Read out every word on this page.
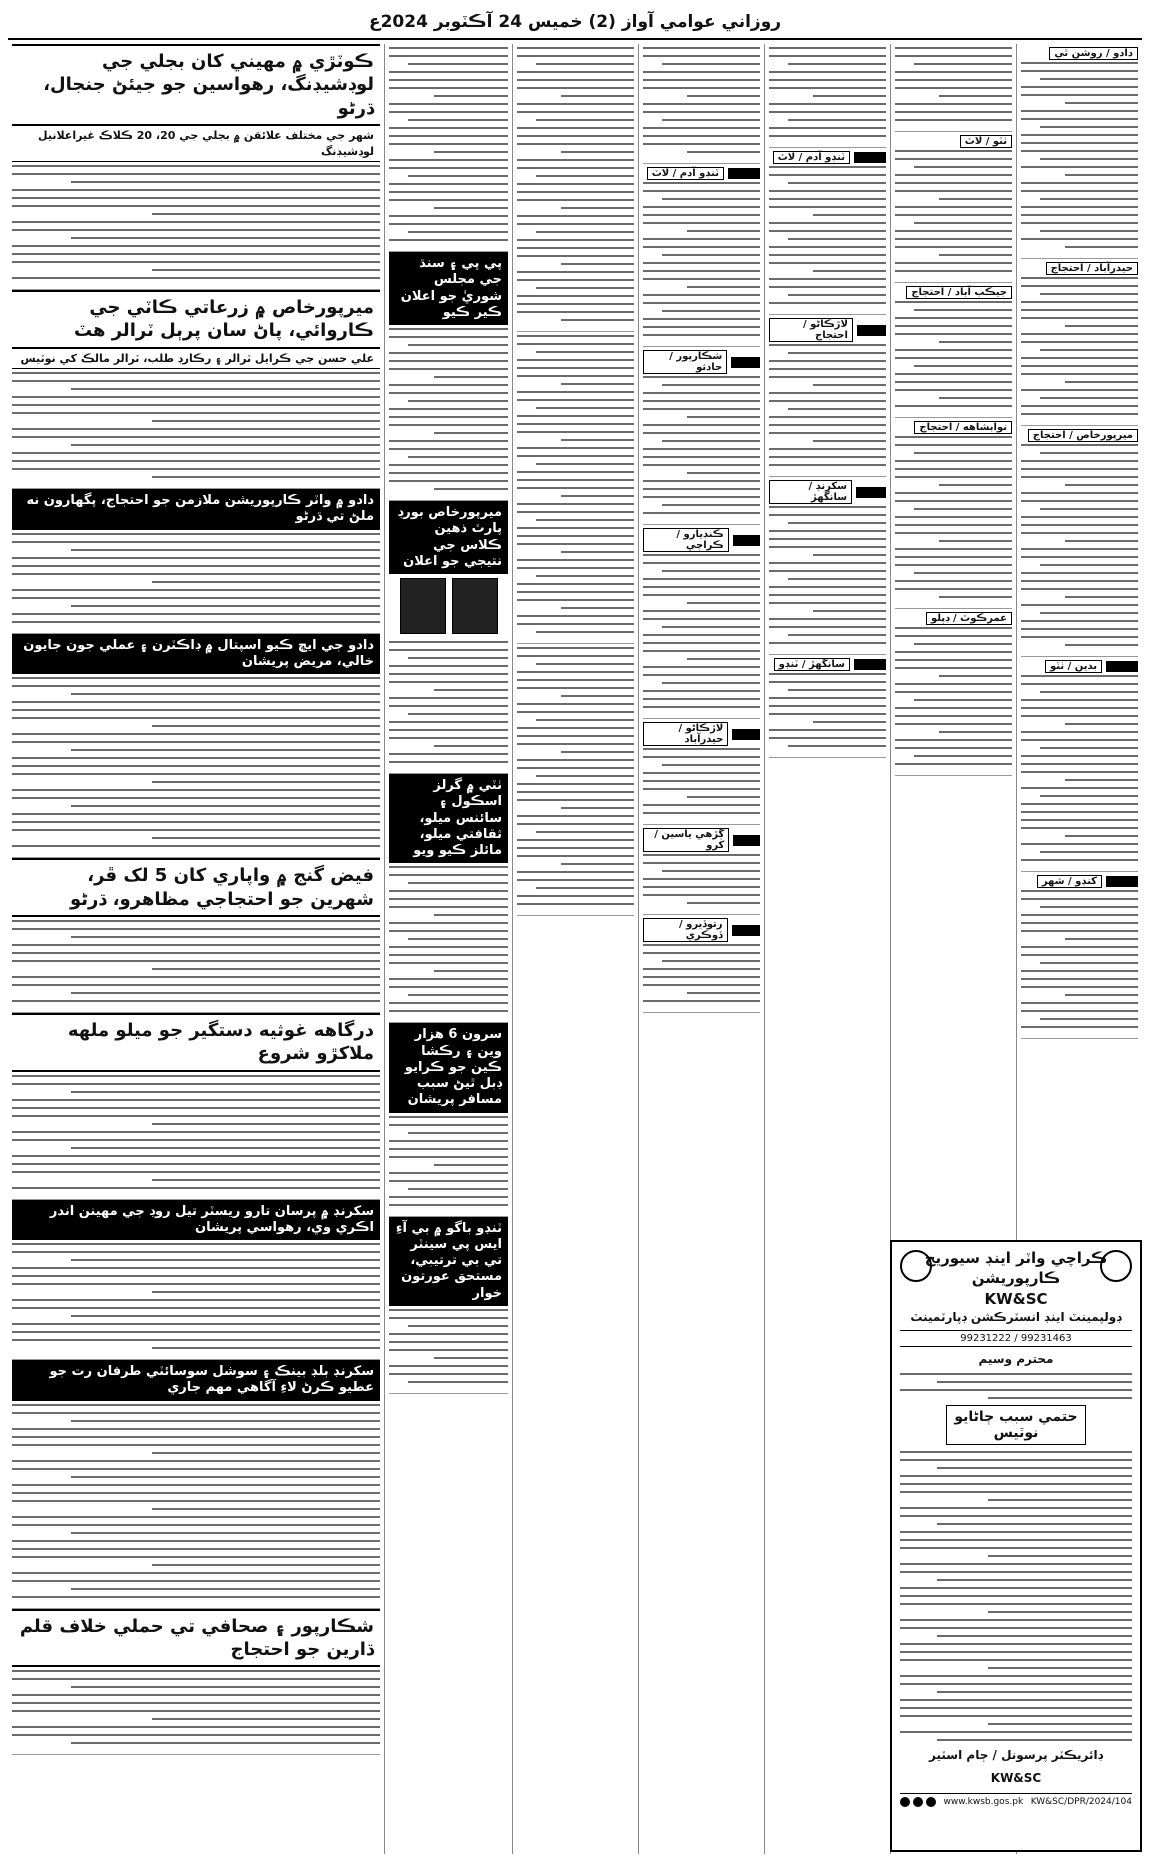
روزاني عوامي آواز (2) خميس 24 آڪٽوبر 2024ع
دادو / روشن ٿي
حيدرآباد / احتجاج
ميرپورخاص / احتجاج
بدين / ٺٽو
کنڊو / شهر
ٺٽو / لاٽ
جيڪب آباد / احتجاج
نوابشاهه / احتجاج
عمرڪوٽ / ڊپلو
ٽنڊو آدم / لاٽ
لاڙڪاڻو / احتجاج
سکرنڊ / سانگهڙ
سانگهڙ / ٽنڊو
ٽنڊو آدم / لاٽ
شڪارپور / حادثو
ڪنڊيارو / ڪراچي
لاڙڪاڻو / حيدرآباد
ڳڙهي ياسين / کرو
رتوڏيرو / ڏوڪري
پي پي ۽ سنڌ جي مجلس شوريٰ جو اعلان ڪير ڪيو
ميرپورخاص بورڊ پارٽ ذهين ڪلاس جي نتيجي جو اعلان
ٺٽي ۾ گرلز اسڪول ۽ سائنس ميلو، ثقافتي ميلو، مائلز ڪيو ويو
سرون 6 هزار وين ۽ رڪشا ڪين جو ڪرايو ڊبل ٿيڻ سبب مسافر پريشان
ٽنڊو باگو ۾ بي آءِ ايس پي سينٽر تي بي ترتيبي، مستحق عورتون خوار
ڪوٽڙي ۾ مهيني کان بجلي جي لوڊشيڊنگ، رهواسين جو جيئڻ جنجال، ڌرڻو
شهر جي مختلف علائقن ۾ بجلي جي 20، 20 ڪلاڪ غيراعلانيل لوڊشيڊنگ
ميرپورخاص ۾ زرعاتي ڪاٽي جي ڪاروائي، پاڻ سان پرٻل ٽرالر هٽ
علي حسن جي ڪرايل ٽرالر ۽ رڪارڊ طلب، ٽرالر مالڪ کي نوٽيس
دادو ۾ واٽر ڪارپوريشن ملازمن جو احتجاج، پگهارون نه ملڻ تي ڌرڻو
دادو جي ايڇ ڪيو اسپتال ۾ ڊاڪٽرن ۽ عملي جون جايون خالي، مريض پريشان
فيض گنج ۾ واپاري کان 5 لک ڦر، شهرين جو احتجاجي مظاهرو، ڌرڻو
درگاهه غوثيه دستگير جو ميلو ملهه ملاکڙو شروع
سکرنڊ ۾ پرسان تارو ريسٽر تيل روڊ جي مهينن اندر اڪري وي، رهواسي پريشان
سکرنڊ بلڊ بينڪ ۽ سوشل سوسائٽي طرفان رت جو عطيو ڪرڻ لاءِ آگاهي مهم جاري
شڪارپور ۽ صحافي تي حملي خلاف قلم ڌارين جو احتجاج
ڪراچي واٽر اينڊ سيوريج ڪارپوريشن
KW&SC
ڊولپمينٽ اينڊ انسٽرڪشن ڊپارٽمينٽ
99231222 / 99231463
محترم وسيم
حتمي سبب ڄاڻايو نوٽيس
ڊائريڪٽر پرسونل / ڄام اسٽير
KW&SC
www.kwsb.gos.pk KW&SC/DPR/2024/104
